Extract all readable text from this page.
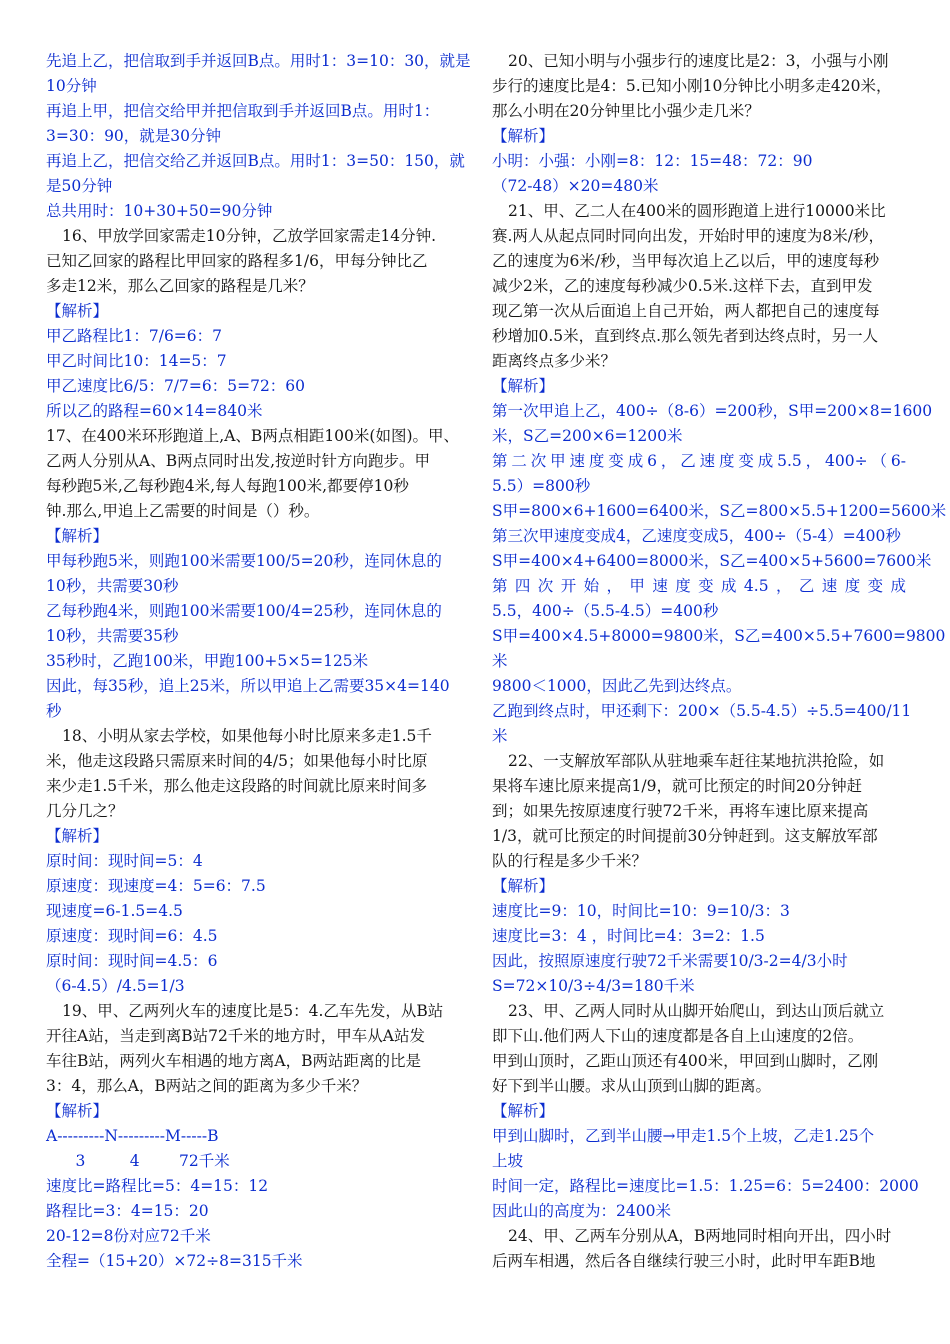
先追上乙，把信取到手并返回B点。用时1：3=10：30，就是
10分钟
再追上甲，把信交给甲并把信取到手并返回B点。用时1：
3=30：90，就是30分钟
再追上乙，把信交给乙并返回B点。用时1：3=50：150，就
是50分钟
总共用时：10+30+50=90分钟
16、甲放学回家需走10分钟，乙放学回家需走14分钟.
已知乙回家的路程比甲回家的路程多1/6，甲每分钟比乙
多走12米，那么乙回家的路程是几米？
【解析】
甲乙路程比1：7/6=6：7
甲乙时间比10：14=5：7
甲乙速度比6/5：7/7=6：5=72：60
所以乙的路程=60×14=840米
17、在400米环形跑道上,A、B两点相距100米(如图)。甲、
乙两人分别从A、B两点同时出发,按逆时针方向跑步。甲
每秒跑5米,乙每秒跑4米,每人每跑100米,都要停10秒
钟.那么,甲追上乙需要的时间是（）秒。
【解析】
甲每秒跑5米，则跑100米需要100/5=20秒，连同休息的
10秒，共需要30秒
乙每秒跑4米，则跑100米需要100/4=25秒，连同休息的
10秒，共需要35秒
35秒时，乙跑100米，甲跑100+5×5=125米
因此，每35秒，追上25米，所以甲追上乙需要35×4=140
秒
18、小明从家去学校，如果他每小时比原来多走1.5千
米，他走这段路只需原来时间的4/5；如果他每小时比原
来少走1.5千米，那么他走这段路的时间就比原来时间多
几分几之？
【解析】
原时间：现时间=5：4
原速度：现速度=4：5=6：7.5
现速度=6-1.5=4.5
原速度：现时间=6：4.5
原时间：现时间=4.5：6
（6-4.5）/4.5=1/3
19、甲、乙两列火车的速度比是5：4.乙车先发，从B站
开往A站，当走到离B站72千米的地方时，甲车从A站发
车往B站，两列火车相遇的地方离A，B两站距离的比是
3：4，那么A，B两站之间的距离为多少千米？
【解析】
A---------N---------M-----B
3         4        72千米
速度比=路程比=5：4=15：12
路程比=3：4=15：20
20-12=8份对应72千米
全程=（15+20）×72÷8=315千米
20、已知小明与小强步行的速度比是2：3，小强与小刚
步行的速度比是4：5.已知小刚10分钟比小明多走420米，
那么小明在20分钟里比小强少走几米？
【解析】
小明：小强：小刚=8：12：15=48：72：90
（72-48）×20=480米
21、甲、乙二人在400米的圆形跑道上进行10000米比
赛.两人从起点同时同向出发，开始时甲的速度为8米/秒，
乙的速度为6米/秒，当甲每次追上乙以后，甲的速度每秒
减少2米，乙的速度每秒减少0.5米.这样下去，直到甲发
现乙第一次从后面追上自己开始，两人都把自己的速度每
秒增加0.5米，直到终点.那么领先者到达终点时，另一人
距离终点多少米？
【解析】
第一次甲追上乙，400÷（8-6）=200秒，S甲=200×8=1600
米，S乙=200×6=1200米
第二次甲速度变成6，乙速度变成5.5，400÷（6-
5.5）=800秒
S甲=800×6+1600=6400米，S乙=800×5.5+1200=5600米
第三次甲速度变成4，乙速度变成5，400÷（5-4）=400秒
S甲=400×4+6400=8000米，S乙=400×5+5600=7600米
第四次开始，甲速度变成4.5，乙速度变成
5.5，400÷（5.5-4.5）=400秒
S甲=400×4.5+8000=9800米，S乙=400×5.5+7600=9800
米
9800＜1000，因此乙先到达终点。
乙跑到终点时，甲还剩下：200×（5.5-4.5）÷5.5=400/11
米
22、一支解放军部队从驻地乘车赶往某地抗洪抢险，如
果将车速比原来提高1/9，就可比预定的时间20分钟赶
到；如果先按原速度行驶72千米，再将车速比原来提高
1/3，就可比预定的时间提前30分钟赶到。这支解放军部
队的行程是多少千米？
【解析】
速度比=9：10，时间比=10：9=10/3：3
速度比=3：4 ，时间比=4：3=2：1.5
因此，按照原速度行驶72千米需要10/3-2=4/3小时
S=72×10/3÷4/3=180千米
23、甲、乙两人同时从山脚开始爬山，到达山顶后就立
即下山.他们两人下山的速度都是各自上山速度的2倍。
甲到山顶时，乙距山顶还有400米，甲回到山脚时，乙刚
好下到半山腰。求从山顶到山脚的距离。
【解析】
甲到山脚时，乙到半山腰→甲走1.5个上坡，乙走1.25个
上坡
时间一定，路程比=速度比=1.5：1.25=6：5=2400：2000
因此山的高度为：2400米
24、甲、乙两车分别从A，B两地同时相向开出，四小时
后两车相遇，然后各自继续行驶三小时，此时甲车距B地
